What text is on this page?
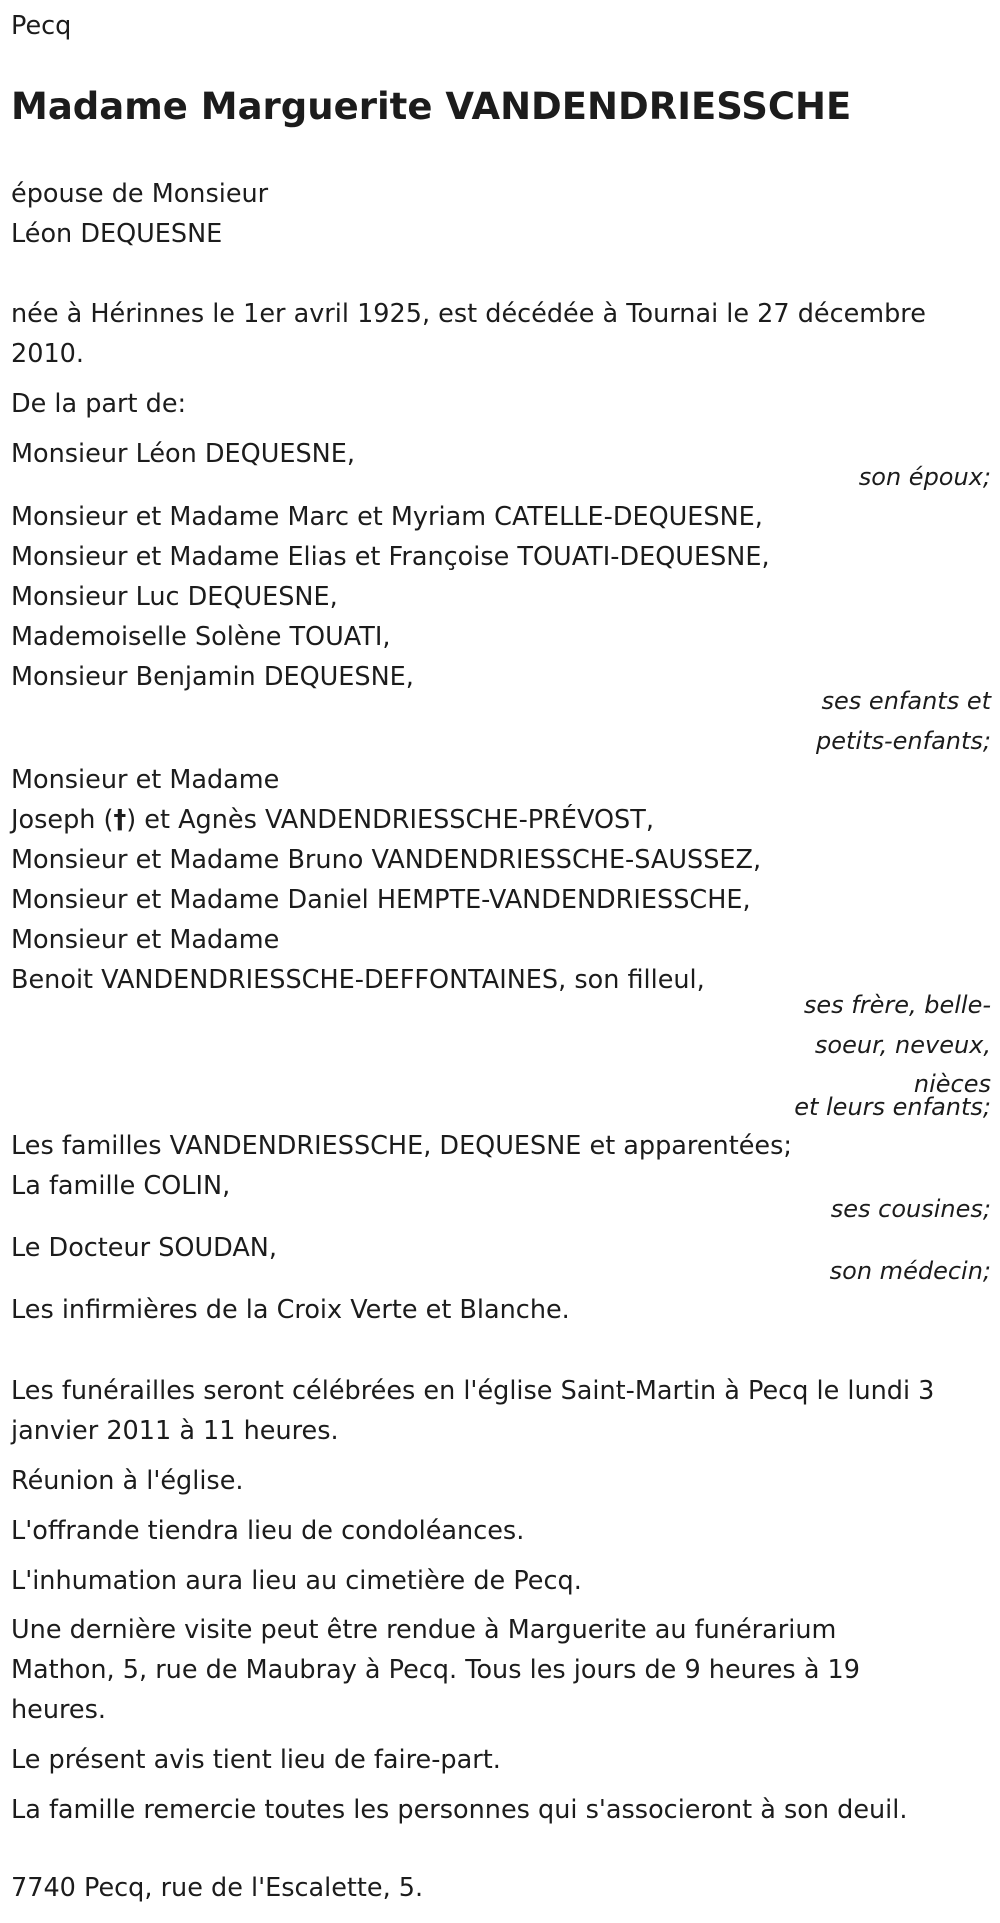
Pecq
Madame Marguerite VANDENDRIESSCHE
épouse de Monsieur
Léon DEQUESNE
née à Hérinnes le 1er avril 1925, est décédée à Tournai le 27 décembre
2010.
De la part de:
Monsieur Léon DEQUESNE,
son époux;
Monsieur et Madame Marc et Myriam CATELLE-DEQUESNE,
Monsieur et Madame Elias et Françoise TOUATI-DEQUESNE,
Monsieur Luc DEQUESNE,
Mademoiselle Solène TOUATI,
Monsieur Benjamin DEQUESNE,
ses enfants et
petits-enfants;
Monsieur et Madame
Joseph (†) et Agnès VANDENDRIESSCHE-PRÉVOST,
Monsieur et Madame Bruno VANDENDRIESSCHE-SAUSSEZ,
Monsieur et Madame Daniel HEMPTE-VANDENDRIESSCHE,
Monsieur et Madame
Benoit VANDENDRIESSCHE-DEFFONTAINES, son filleul,
ses frère, belle-
soeur, neveux,
nièces
et leurs enfants;
Les familles VANDENDRIESSCHE, DEQUESNE et apparentées;
La famille COLIN,
ses cousines;
Le Docteur SOUDAN,
son médecin;
Les infirmières de la Croix Verte et Blanche.
Les funérailles seront célébrées en l'église Saint-Martin à Pecq le lundi 3
janvier 2011 à 11 heures.
Réunion à l'église.
L'offrande tiendra lieu de condoléances.
L'inhumation aura lieu au cimetière de Pecq.
Une dernière visite peut être rendue à Marguerite au funérarium
Mathon, 5, rue de Maubray à Pecq. Tous les jours de 9 heures à 19
heures.
Le présent avis tient lieu de faire-part.
La famille remercie toutes les personnes qui s'associeront à son deuil.
7740 Pecq, rue de l'Escalette, 5.
